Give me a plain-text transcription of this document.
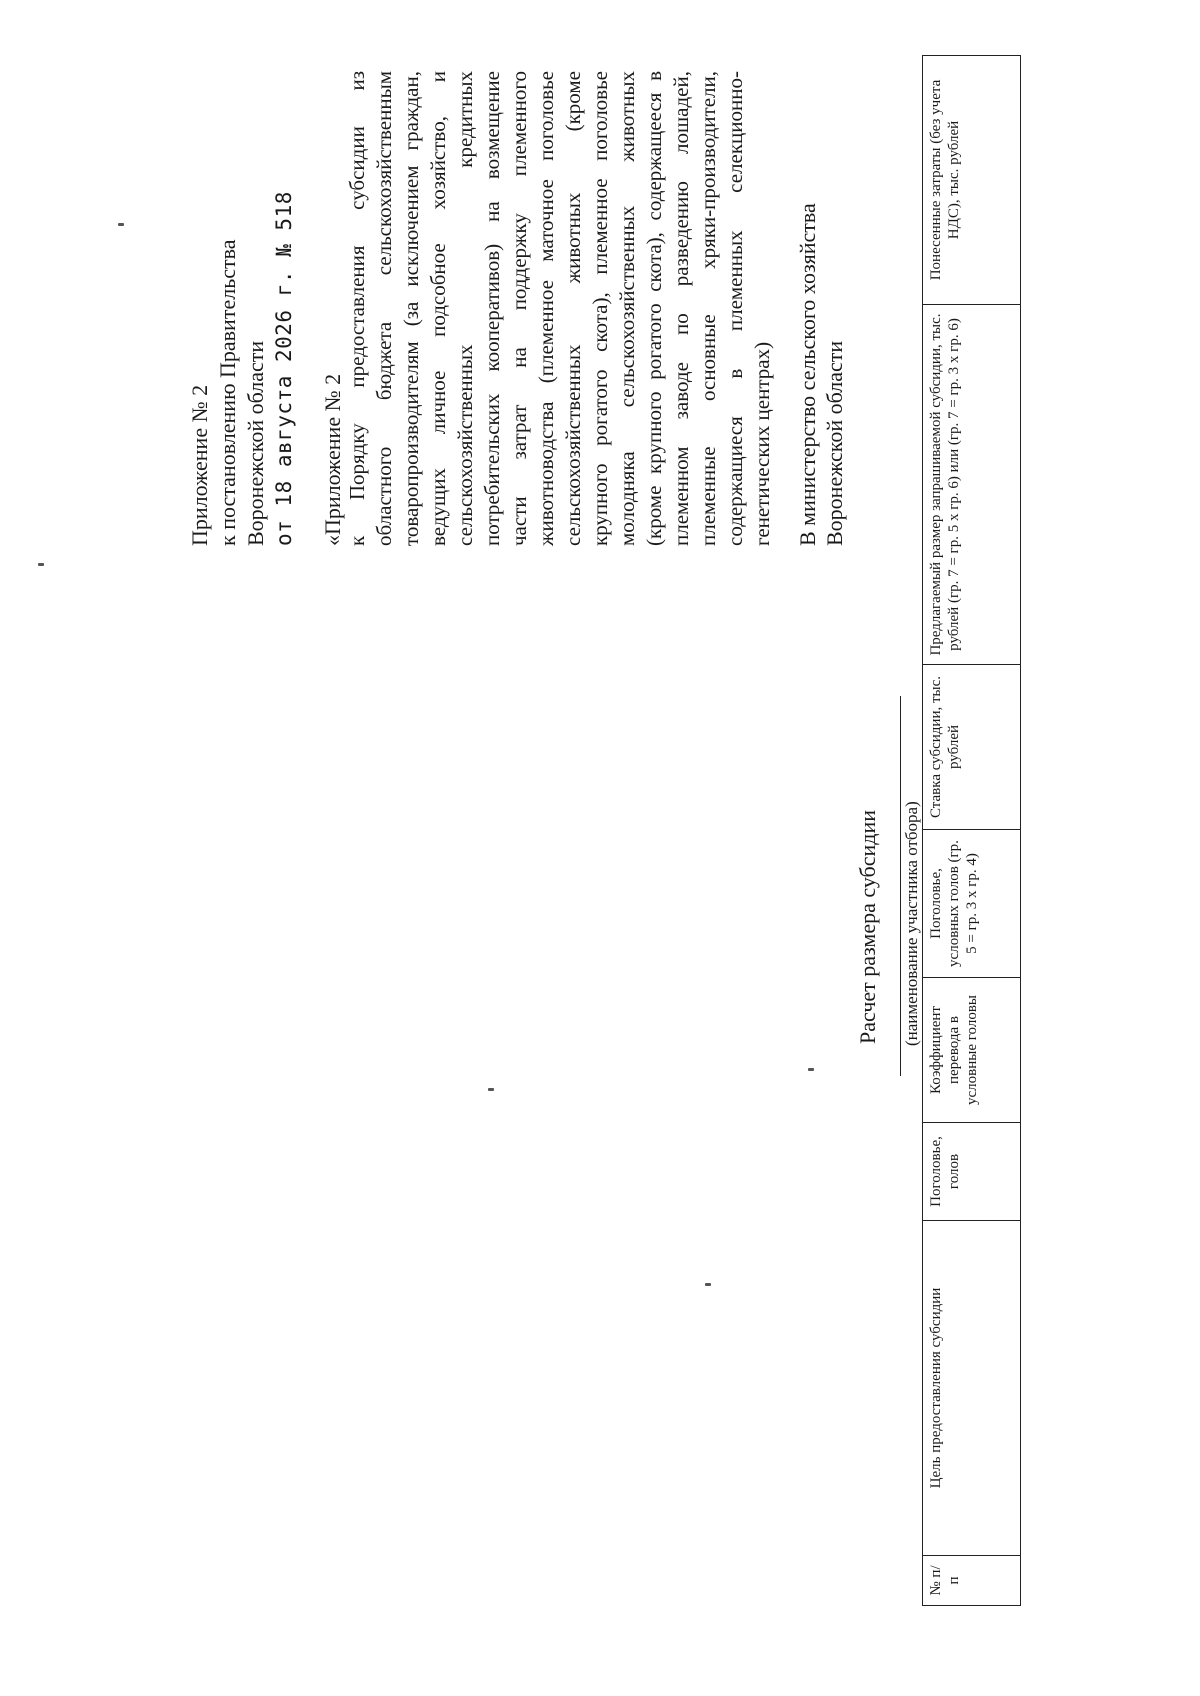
Приложение № 2 к постановлению Правительства Воронежской области от 18 августа 2026 г. № 518 «Приложение № 2 к Порядку предоставления субсидии из областного бюджета сельскохозяйственным товаропроизводителям (за исключением граждан, ведущих личное подсобное хозяйство, и сельскохозяйственных кредитных потребительских кооперативов) на возмещение части затрат на поддержку племенного животноводства (племенное маточное поголовье сельскохозяйственных животных (кроме крупного рогатого скота), племенное поголовье молодняка сельскохозяйственных животных (кроме крупного рогатого скота), содержащееся в племенном заводе по разведению лошадей, племенные основные хряки-производители, содержащиеся в племенных селекционно- генетических центрах) В министерство сельского хозяйства Воронежской области
Расчет размера субсидии (наименование участника отбора)
№ п/п	Цель предоставления субсидии	Поголовье, голов	Коэффициент перевода в условные головы	Поголовье, условных голов (гр. 5 = гр. 3 х гр. 4)	Ставка субсидии, тыс. рублей	Предлагаемый размер запрашиваемой субсидии, тыс. рублей (гр. 7 = гр. 5 х гр. 6) или (гр. 7 = гр. 3 х гр. 6)	Понесенные затраты (без учета НДС), тыс. рублей
